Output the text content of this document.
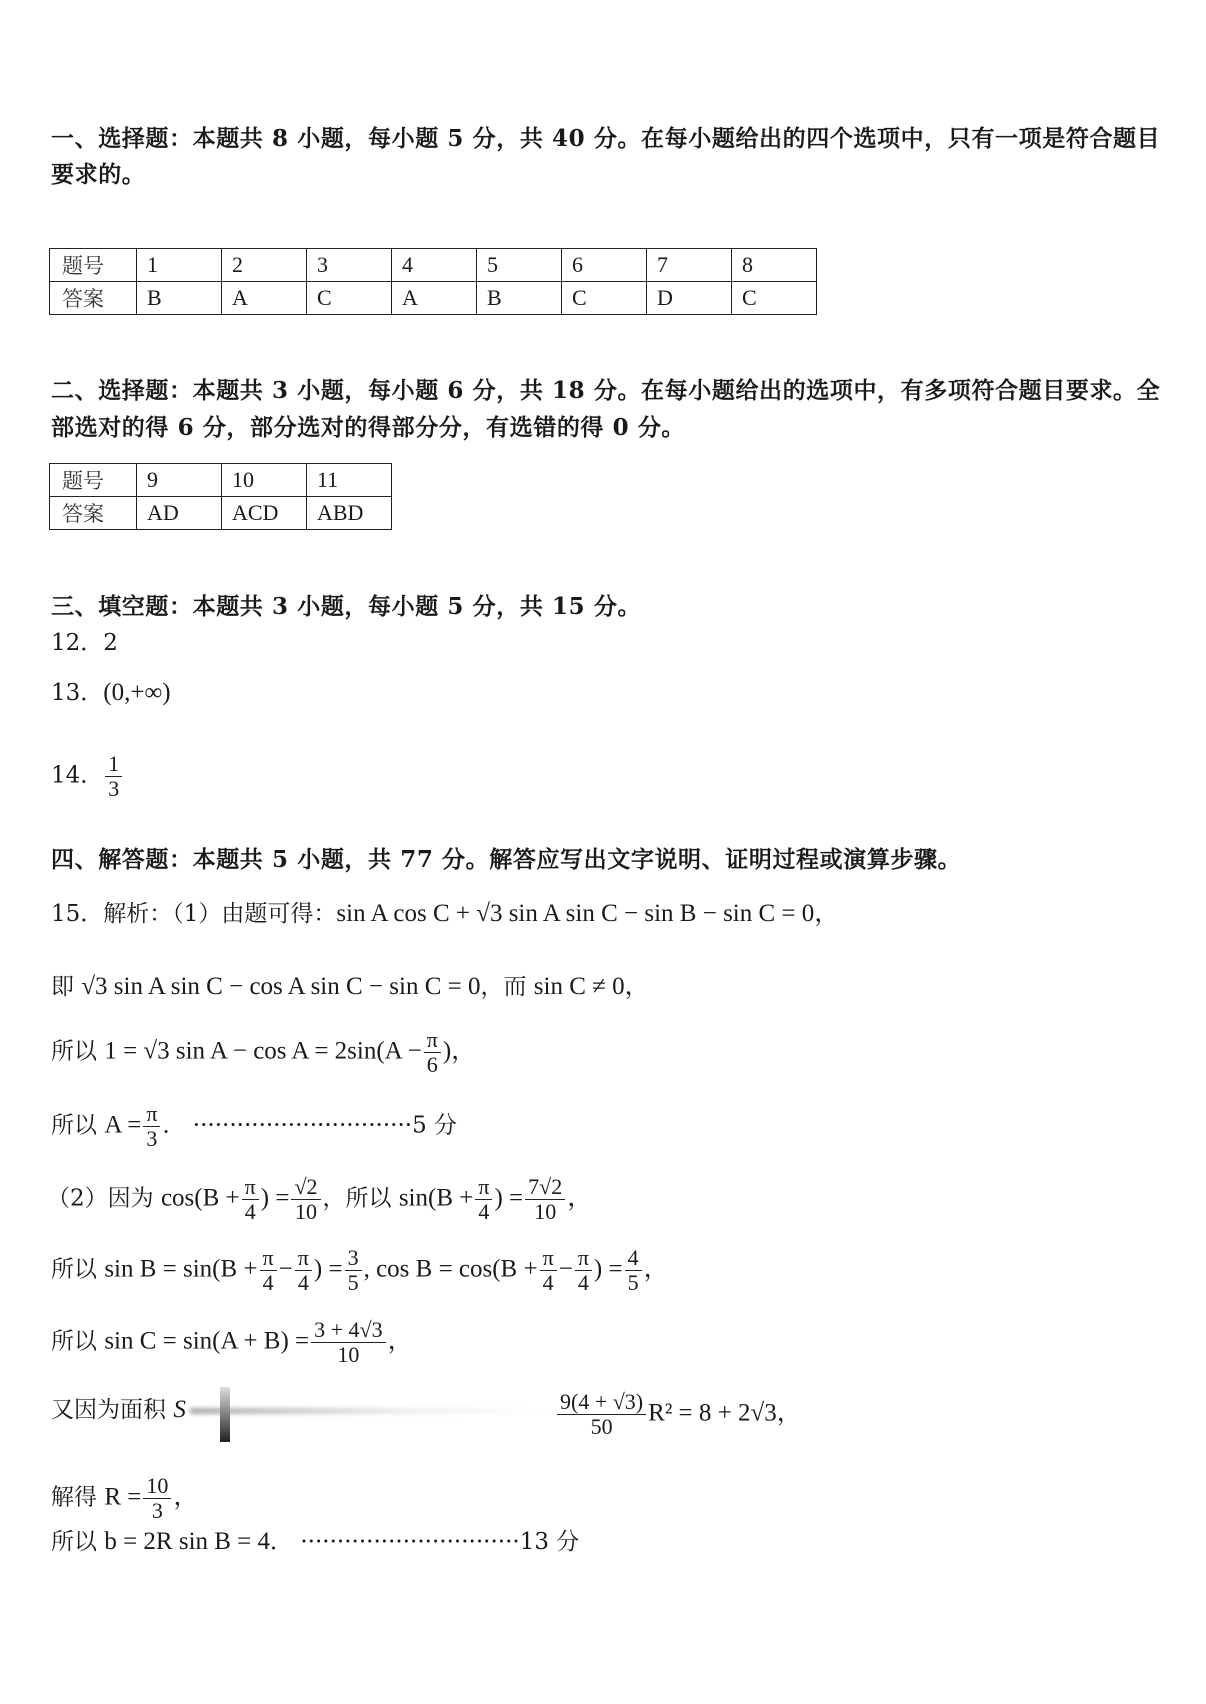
一、选择题：本题共 8 小题，每小题 5 分，共 40 分。在每小题给出的四个选项中，只有一项是符合题目
要求的。
题号	1	2	3	4	5	6	7	8
答案	B	A	C	A	B	C	D	C
二、选择题：本题共 3 小题，每小题 6 分，共 18 分。在每小题给出的选项中，有多项符合题目要求。全
部选对的得 6 分，部分选对的得部分分，有选错的得 0 分。
题号	9	10	11
答案	AD	ACD	ABD
三、填空题：本题共 3 小题，每小题 5 分，共 15 分。
12．2
13．(0,+∞)
14． $\frac{1}{3}$
四、解答题：本题共 5 小题，共 77 分。解答应写出文字说明、证明过程或演算步骤。
15．解析：（1）由题可得：sin A cos C + √3 sin A sin C − sin B − sin C = 0，
即 √3 sin A sin C − cos A sin C − sin C = 0，而 sin C ≠ 0，
所以 1 = √3 $\sin A - \cos A = 2\sin(A - \frac{\pi}{6}$ )，
所以 $A = \frac{\pi}{3}$ ． ······························5 分
（2）因为 $\cos(B + \frac{\pi}{4}$ ) = $\frac{√2}{10}$ ，所以 $\sin(B + \frac{\pi}{4}$ ) = $\frac{7√2}{10}$ ，
所以 $\sin B = \sin(B + \frac{\pi}{4} - \frac{\pi}{4}$ ) = $\frac{3}{5}$ , $\cos B = \cos(B + \frac{\pi}{4} - \frac{\pi}{4}$ ) = $\frac{4}{5}$ ，
所以 $\sin C = \sin(A + B) = \frac{3 + 4√3}{10}$ ，
又因为面积 S	$\frac{9(4 + √3)}{50} R^2 = 8 + 2√3$，
解得 $R = \frac{10}{3}$ ，
所以 b = 2R sin B = 4． ······························13 分
